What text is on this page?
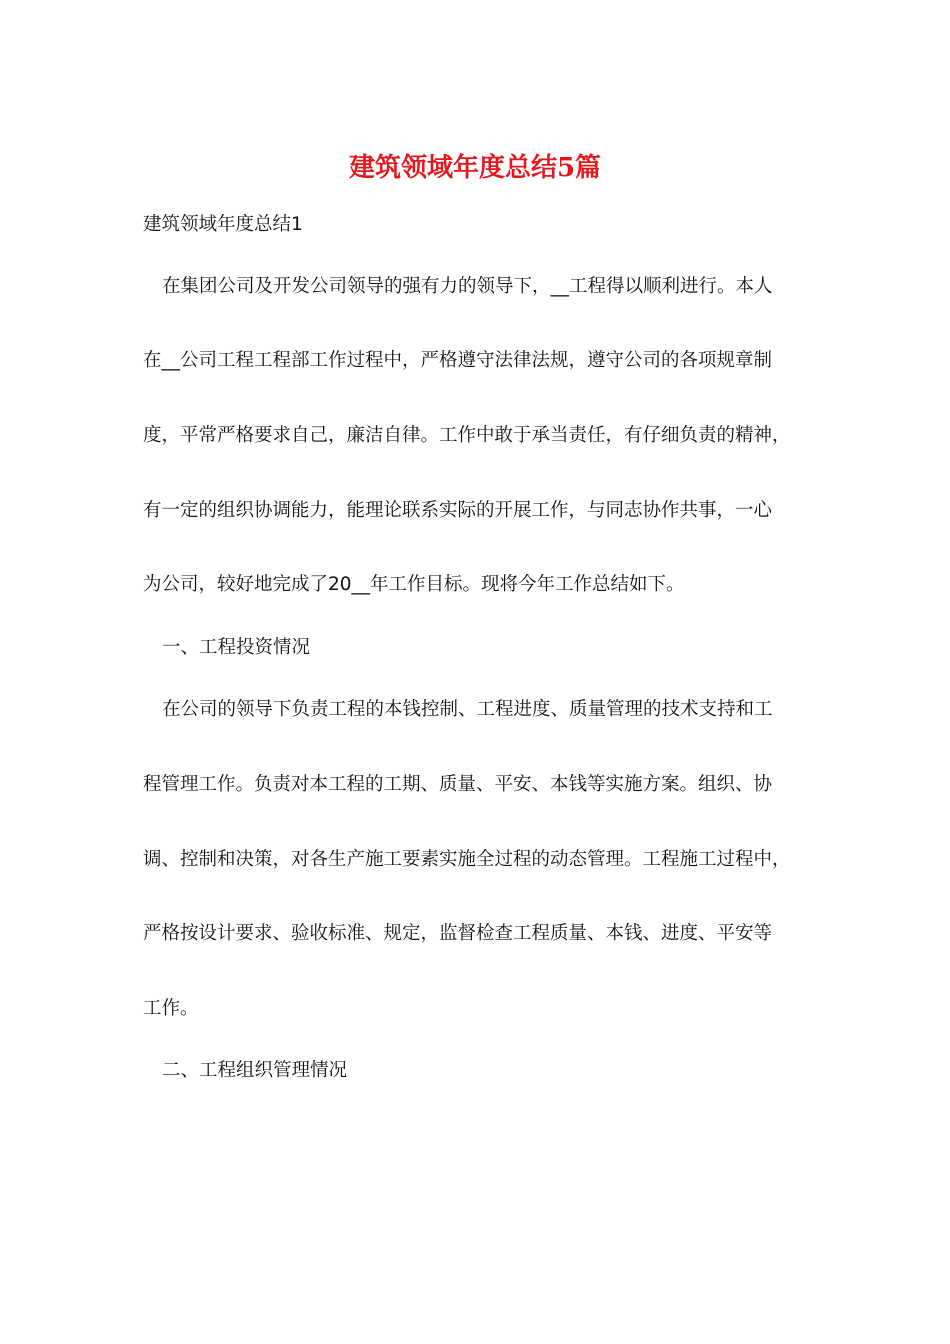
建筑领域年度总结5篇
建筑领域年度总结1
在集团公司及开发公司领导的强有力的领导下，__工程得以顺利进行。本人
在__公司工程工程部工作过程中，严格遵守法律法规，遵守公司的各项规章制
度，平常严格要求自己，廉洁自律。工作中敢于承当责任，有仔细负责的精神，
有一定的组织协调能力，能理论联系实际的开展工作，与同志协作共事，一心
为公司，较好地完成了20__年工作目标。现将今年工作总结如下。
一、工程投资情况
在公司的领导下负责工程的本钱控制、工程进度、质量管理的技术支持和工
程管理工作。负责对本工程的工期、质量、平安、本钱等实施方案。组织、协
调、控制和决策，对各生产施工要素实施全过程的动态管理。工程施工过程中，
严格按设计要求、验收标准、规定，监督检查工程质量、本钱、进度、平安等
工作。
二、工程组织管理情况
